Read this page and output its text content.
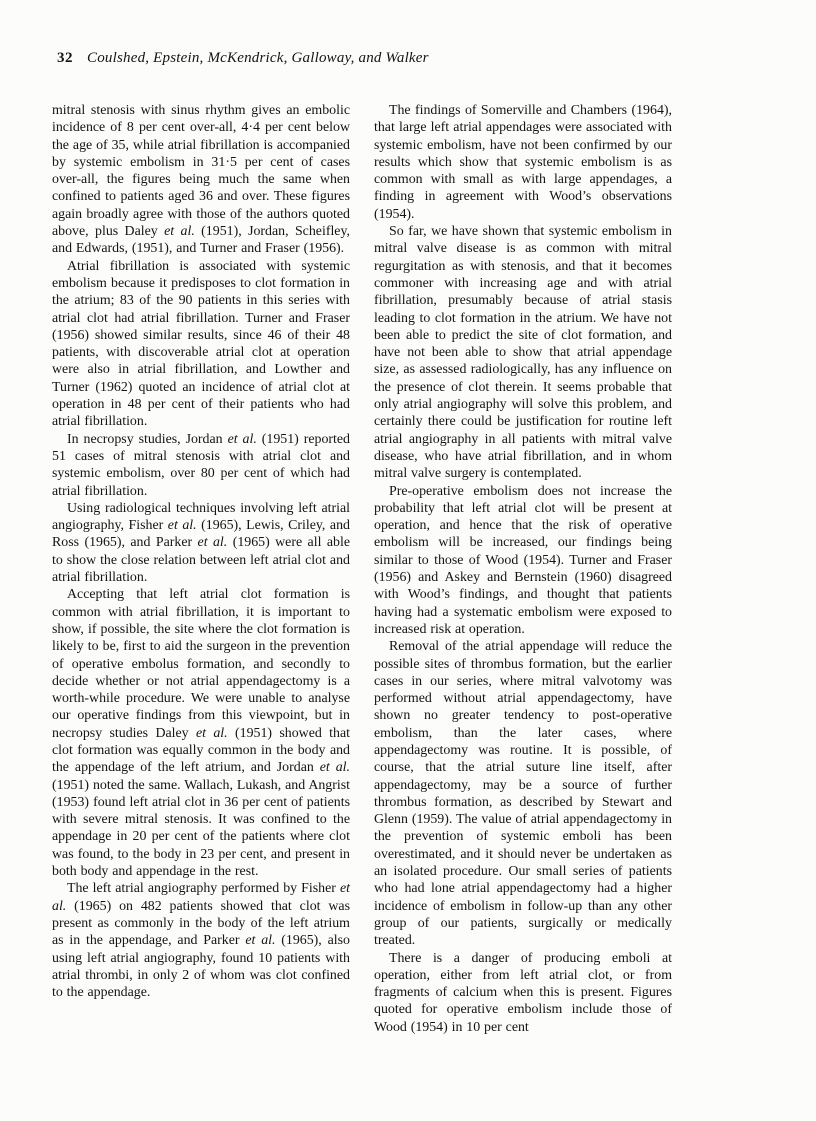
32 Coulshed, Epstein, McKendrick, Galloway, and Walker

mitral stenosis with sinus rhythm gives an embolic incidence of 8 per cent over-all, 4·4 per cent below the age of 35, while atrial fibrillation is accompanied by systemic embolism in 31·5 per cent of cases over-all, the figures being much the same when confined to patients aged 36 and over. These figures again broadly agree with those of the authors quoted above, plus Daley et al. (1951), Jordan, Scheifley, and Edwards, (1951), and Turner and Fraser (1956).

Atrial fibrillation is associated with systemic embolism because it predisposes to clot formation in the atrium; 83 of the 90 patients in this series with atrial clot had atrial fibrillation. Turner and Fraser (1956) showed similar results, since 46 of their 48 patients, with discoverable atrial clot at operation were also in atrial fibrillation, and Lowther and Turner (1962) quoted an incidence of atrial clot at operation in 48 per cent of their patients who had atrial fibrillation.

In necropsy studies, Jordan et al. (1951) reported 51 cases of mitral stenosis with atrial clot and systemic embolism, over 80 per cent of which had atrial fibrillation.

Using radiological techniques involving left atrial angiography, Fisher et al. (1965), Lewis, Criley, and Ross (1965), and Parker et al. (1965) were all able to show the close relation between left atrial clot and atrial fibrillation.

Accepting that left atrial clot formation is common with atrial fibrillation, it is important to show, if possible, the site where the clot formation is likely to be, first to aid the surgeon in the prevention of operative embolus formation, and secondly to decide whether or not atrial appendagectomy is a worth-while procedure. We were unable to analyse our operative findings from this viewpoint, but in necropsy studies Daley et al. (1951) showed that clot formation was equally common in the body and the appendage of the left atrium, and Jordan et al. (1951) noted the same. Wallach, Lukash, and Angrist (1953) found left atrial clot in 36 per cent of patients with severe mitral stenosis. It was confined to the appendage in 20 per cent of the patients where clot was found, to the body in 23 per cent, and present in both body and appendage in the rest.

The left atrial angiography performed by Fisher et al. (1965) on 482 patients showed that clot was present as commonly in the body of the left atrium as in the appendage, and Parker et al. (1965), also using left atrial angiography, found 10 patients with atrial thrombi, in only 2 of whom was clot confined to the appendage.

The findings of Somerville and Chambers (1964), that large left atrial appendages were associated with systemic embolism, have not been confirmed by our results which show that systemic embolism is as common with small as with large appendages, a finding in agreement with Wood’s observations (1954).

So far, we have shown that systemic embolism in mitral valve disease is as common with mitral regurgitation as with stenosis, and that it becomes commoner with increasing age and with atrial fibrillation, presumably because of atrial stasis leading to clot formation in the atrium. We have not been able to predict the site of clot formation, and have not been able to show that atrial appendage size, as assessed radiologically, has any influence on the presence of clot therein. It seems probable that only atrial angiography will solve this problem, and certainly there could be justification for routine left atrial angiography in all patients with mitral valve disease, who have atrial fibrillation, and in whom mitral valve surgery is contemplated.

Pre-operative embolism does not increase the probability that left atrial clot will be present at operation, and hence that the risk of operative embolism will be increased, our findings being similar to those of Wood (1954). Turner and Fraser (1956) and Askey and Bernstein (1960) disagreed with Wood’s findings, and thought that patients having had a systematic embolism were exposed to increased risk at operation.

Removal of the atrial appendage will reduce the possible sites of thrombus formation, but the earlier cases in our series, where mitral valvotomy was performed without atrial appendagectomy, have shown no greater tendency to post-operative embolism, than the later cases, where appendagectomy was routine. It is possible, of course, that the atrial suture line itself, after appendagectomy, may be a source of further thrombus formation, as described by Stewart and Glenn (1959). The value of atrial appendagectomy in the prevention of systemic emboli has been overestimated, and it should never be undertaken as an isolated procedure. Our small series of patients who had lone atrial appendagectomy had a higher incidence of embolism in follow-up than any other group of our patients, surgically or medically treated.

There is a danger of producing emboli at operation, either from left atrial clot, or from fragments of calcium when this is present. Figures quoted for operative embolism include those of Wood (1954) in 10 per cent
